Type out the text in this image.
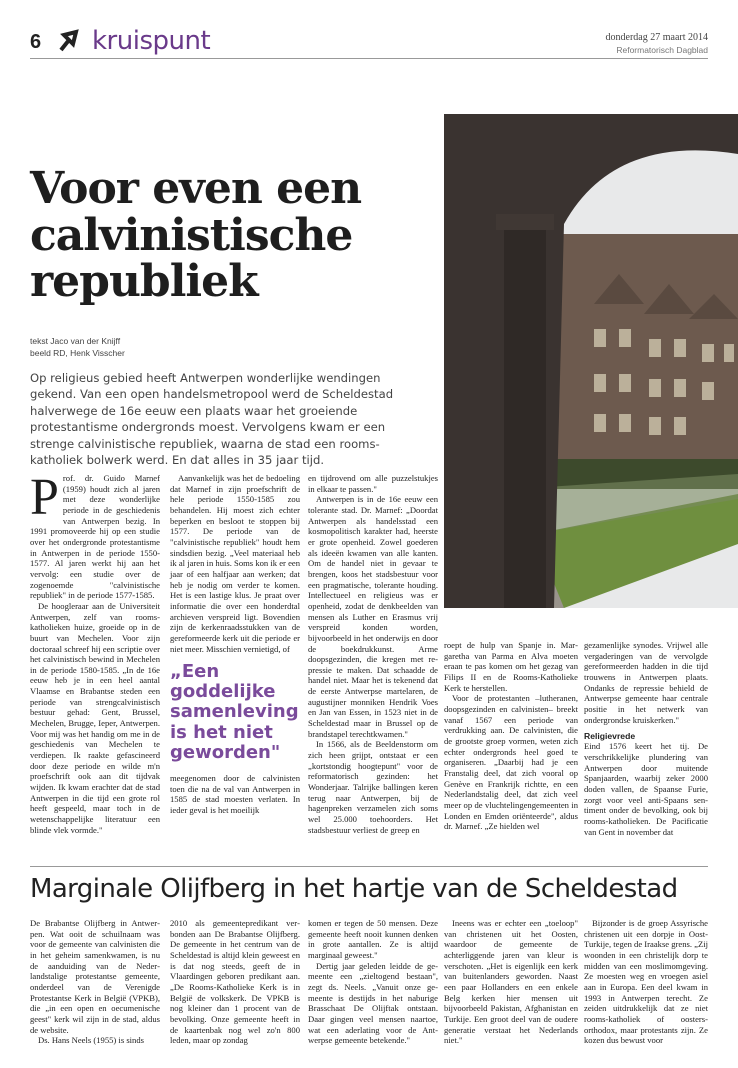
6 kruispunt	donderdag 27 maart 2014
Reformatorisch Dagblad
Voor even een calvinistische republiek
tekst Jaco van der Knijff
beeld RD, Henk Visscher

Op religieus gebied heeft Antwerpen wonderlijke wendingen gekend. Van een open handelsmetropool werd de Scheldestad halverwege de 16e eeuw een plaats waar het groeiende protestantisme ondergronds moest. Vervolgens kwam er een strenge calvinistische republiek, waarna de stad een rooms-katholiek bolwerk werd. En dat alles in 35 jaar tijd.

Prof. dr. Guido Marnef (1959) houdt zich al jaren met deze wonderlijke periode in de geschiedenis van Antwerpen bezig. In 1991 promoveerde hij op een studie over het ondergronde protestantisme in Antwerpen in de periode 1550-1577. Al jaren werkt hij aan het vervolg: een studie over de zogenoemde "calvinistische republiek" in de periode 1577-1585.

De hoogleraar aan de Universiteit Antwerpen, zelf van rooms-katholieken huize, groeide op in de buurt van Mechelen. Voor zijn doctoraal schreef hij een scriptie over het calvinistisch bewind in Mechelen in de periode 1580-1585. „In de 16e eeuw heb je in een heel aantal Vlaamse en Brabantse steden een periode van strengcalvinistisch bestuur gehad: Gent, Brussel, Mechelen, Brugge, Ieper, Antwerpen. Voor mij was het handig om me in de geschiedenis van Mechelen te verdiepen. Ik raakte gefascineerd door deze periode en wilde m'n proefschrift ook aan dit tijdvak wijden. Ik kwam erachter dat de stad Antwerpen in die tijd een grote rol heeft gespeeld, maar toch in de wetenschappelijke literatuur een blinde vlek vormde."

Aanvankelijk was het de bedoeling dat Marnef in zijn proefschrift de hele periode 1550-1585 zou behandelen. Hij moest zich echter beperken en besloot te stoppen bij 1577. De periode van de "calvinistische republiek" houdt hem sindsdien bezig. „Veel materiaal heb ik al jaren in huis. Soms kon ik er een jaar of een halfjaar aan werken; dat heb je nodig om verder te komen. Het is een lastige klus. Je praat over informatie die over een honderdtal archieven verspreid ligt. Bovendien zijn de kerkenraadsstukken van de gereformeerde kerk uit die periode er niet meer. Misschien vernietigd, of

„Een goddelijke samenleving is het niet geworden"

meegenomen door de calvinisten toen die na de val van Antwerpen in 1585 de stad moesten verlaten. In ieder geval is het moeilijk

en tijdrovend om alle puzzelstukjes in elkaar te passen."

Antwerpen is in de 16e eeuw een tolerante stad. Dr. Marnef: „Doordat Antwerpen als handelsstad een kosmopolitisch karakter had, heerste er grote openheid. Zowel goederen als ideeën kwamen van alle kanten. Om de handel niet in gevaar te brengen, koos het stadsbestuur voor een pragmatische, tolerante houding. Intellectueel en religieus was er openheid, zodat de denkbeelden van mensen als Luther en Erasmus vrij verspreid konden worden, bijvoorbeeld in het onderwijs en door de boekdrukkunst. Arme doopsgezinden, die kregen met repressie te maken. Dat schaadde de handel niet. Maar het is tekenend dat de eerste Antwerpse martelaren, de augustijner monniken Hendrik Voes en Jan van Essen, in 1523 niet in de Scheldestad maar in Brussel op de brandstapel terechtkwamen."

In 1566, als de Beeldenstorm om zich heen grijpt, ontstaat er een „kortstondig hoogtepunt" voor de reformatorisch gezinden: het Wonderjaar. Talrijke ballingen keren terug naar Antwerpen, bij de hagenpreken verzamelen zich soms wel 25.000 toehoorders. Het stadsbestuur verliest de greep en

roept de hulp van Spanje in. Margaretha van Parma en Alva moeten eraan te pas komen om het gezag van Filips II en de Rooms-Katholieke Kerk te herstellen.

Voor de protestanten –lutheranen, doopsgezinden en calvinisten– breekt vanaf 1567 een periode van verdrukking aan. De calvinisten, die de grootste groep vormen, weten zich echter ondergronds heel goed te organiseren. „Daarbij had je een Franstalig deel, dat zich vooral op Genève en Frankrijk richtte, en een Nederlandstalig deel, dat zich veel meer op de vluchtelingengemeenten in Londen en Emden oriënteerde", aldus dr. Marnef. „Ze hielden wel

gezamenlijke synodes. Vrijwel alle vergaderingen van de vervolgde gereformeerden hadden in die tijd trouwens in Antwerpen plaats. Ondanks de repressie behield de Antwerpse gemeente haar centrale positie in het netwerk van ondergrondse kruiskerken."

Religievrede

Eind 1576 keert het tij. De verschrikkelijke plundering van Antwerpen door muitende Spanjaarden, waarbij zeker 2000 doden vallen, de Spaanse Furie, zorgt voor veel anti-Spaans sentiment onder de bevolking, ook bij rooms-katholieken. De Pacificatie van Gent in november dat

Marginale Olijfberg in het hartje van de Scheldestad

De Brabantse Olijfberg in Antwerpen. Wat ooit de schuilnaam was voor de gemeente van calvinisten die in het geheim samenkwamen, is nu de aanduiding van de Nederlandstalige protestantse gemeente, onderdeel van de Verenigde Protestantse Kerk in België (VPKB), die „in een open en oecumenische geest" kerk wil zijn in de stad, aldus de website.

Ds. Hans Neels (1955) is sinds

2010 als gemeentepredikant verbonden aan De Brabantse Olijfberg. De gemeente in het centrum van de Scheldestad is altijd klein geweest en is dat nog steeds, geeft de in Vlaardingen geboren predikant aan. „De Rooms-Katholieke Kerk is in België de volkskerk. De VPKB is nog kleiner dan 1 procent van de bevolking. Onze gemeente heeft in de kaartenbak nog wel zo'n 800 leden, maar op zondag

komen er tegen de 50 mensen. Deze gemeente heeft nooit kunnen denken in grote aantallen. Ze is altijd marginaal geweest."

Dertig jaar geleden leidde de gemeente een „zieltogend bestaan", zegt ds. Neels. „Vanuit onze gemeente is destijds in het naburige Brasschaat De Olijftak ontstaan. Daar gingen veel mensen naartoe, wat een aderlating voor de Antwerpse gemeente betekende."

Ineens was er echter een „toeloop" van christenen uit het Oosten, waardoor de gemeente de achterliggende jaren van kleur is verschoten. „Het is eigenlijk een kerk van buitenlanders geworden. Naast een paar Hollanders en een enkele Belg kerken hier mensen uit bijvoorbeeld Pakistan, Afghanistan en Turkije. Een groot deel van de oudere generatie verstaat het Nederlands niet."

Bijzonder is de groep Assyrische christenen uit een dorpje in Oost-Turkije, tegen de Iraakse grens. „Zij woonden in een christelijk dorp te midden van een moslimomgeving. Ze moesten weg en vroegen asiel aan in Europa. Een deel kwam in 1993 in Antwerpen terecht. Ze zeiden uitdrukkelijk dat ze niet rooms-katholiek of oosters-orthodox, maar protestants zijn. Ze kozen dus bewust voor
